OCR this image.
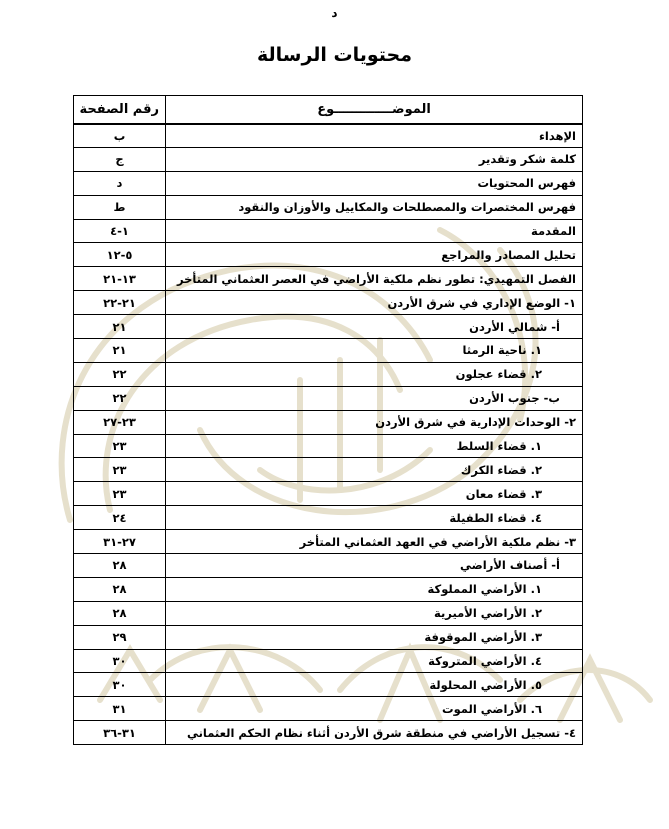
د
محتويات الرسالة
الموضـــــــــــــوع	رقم الصفحة
الإهداء	ب
كلمة شكر وتقدير	ج
فهرس المحتويات	د
فهرس المختصرات والمصطلحات والمكاييل والأوزان والنقود	ط
المقدمة	١-٤
تحليل المصادر والمراجع	٥-١٢
الفصل التمهيدي: تطور نظم ملكية الأراضي في العصر العثماني المتأخر	١٣-٢١
١- الوضع الإداري في شرق الأردن	٢١-٢٢
أ- شمالي الأردن	٢١
١. ناحية الرمثا	٢١
٢. قضاء عجلون	٢٢
ب- جنوب الأردن	٢٢
٢- الوحدات الإدارية في شرق الأردن	٢٣-٢٧
١. قضاء السلط	٢٣
٢. قضاء الكرك	٢٣
٣. قضاء معان	٢٣
٤. قضاء الطفيلة	٢٤
٣- نظم ملكية الأراضي في العهد العثماني المتأخر	٢٧-٣١
أ- أصناف الأراضي	٢٨
١. الأراضي المملوكة	٢٨
٢. الأراضي الأميرية	٢٨
٣. الأراضي الموقوفة	٢٩
٤. الأراضي المتروكة	٣٠
٥. الأراضي المحلولة	٣٠
٦. الأراضي الموت	٣١
٤- تسجيل الأراضي في منطقة شرق الأردن أثناء نظام الحكم العثماني	٣١-٣٦
